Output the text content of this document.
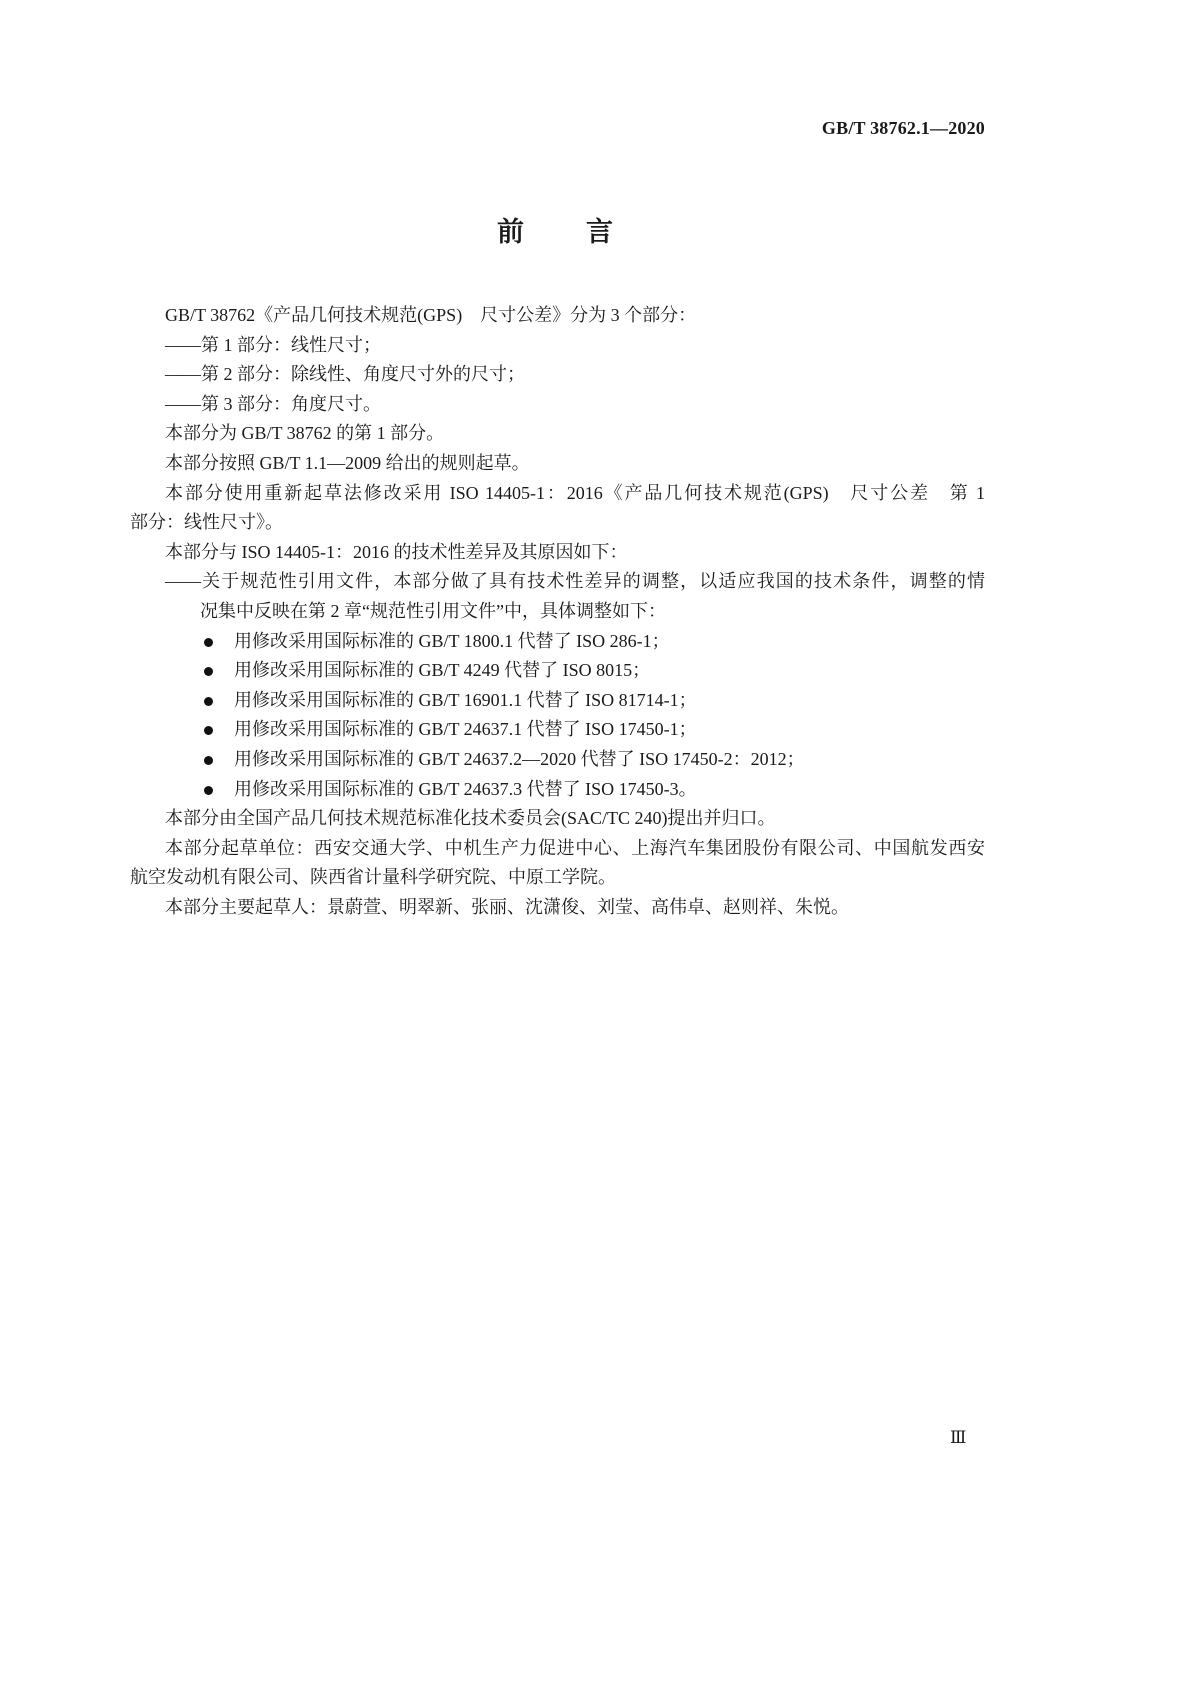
GB/T 38762.1—2020
前 言
GB/T 38762《产品几何技术规范(GPS)　尺寸公差》分为 3 个部分：
——第 1 部分：线性尺寸；
——第 2 部分：除线性、角度尺寸外的尺寸；
——第 3 部分：角度尺寸。
本部分为 GB/T 38762 的第 1 部分。
本部分按照 GB/T 1.1—2009 给出的规则起草。
本部分使用重新起草法修改采用 ISO 14405-1：2016《产品几何技术规范(GPS)　尺寸公差　第 1
部分：线性尺寸》。
本部分与 ISO 14405-1：2016 的技术性差异及其原因如下：
——关于规范性引用文件，本部分做了具有技术性差异的调整，以适应我国的技术条件，调整的情
况集中反映在第 2 章“规范性引用文件”中，具体调整如下：
用修改采用国际标准的 GB/T 1800.1 代替了 ISO 286-1；
用修改采用国际标准的 GB/T 4249 代替了 ISO 8015；
用修改采用国际标准的 GB/T 16901.1 代替了 ISO 81714-1；
用修改采用国际标准的 GB/T 24637.1 代替了 ISO 17450-1；
用修改采用国际标准的 GB/T 24637.2—2020 代替了 ISO 17450-2：2012；
用修改采用国际标准的 GB/T 24637.3 代替了 ISO 17450-3。
本部分由全国产品几何技术规范标准化技术委员会(SAC/TC 240)提出并归口。
本部分起草单位：西安交通大学、中机生产力促进中心、上海汽车集团股份有限公司、中国航发西安
航空发动机有限公司、陕西省计量科学研究院、中原工学院。
本部分主要起草人：景蔚萱、明翠新、张丽、沈潇俊、刘莹、高伟卓、赵则祥、朱悦。
Ⅲ
